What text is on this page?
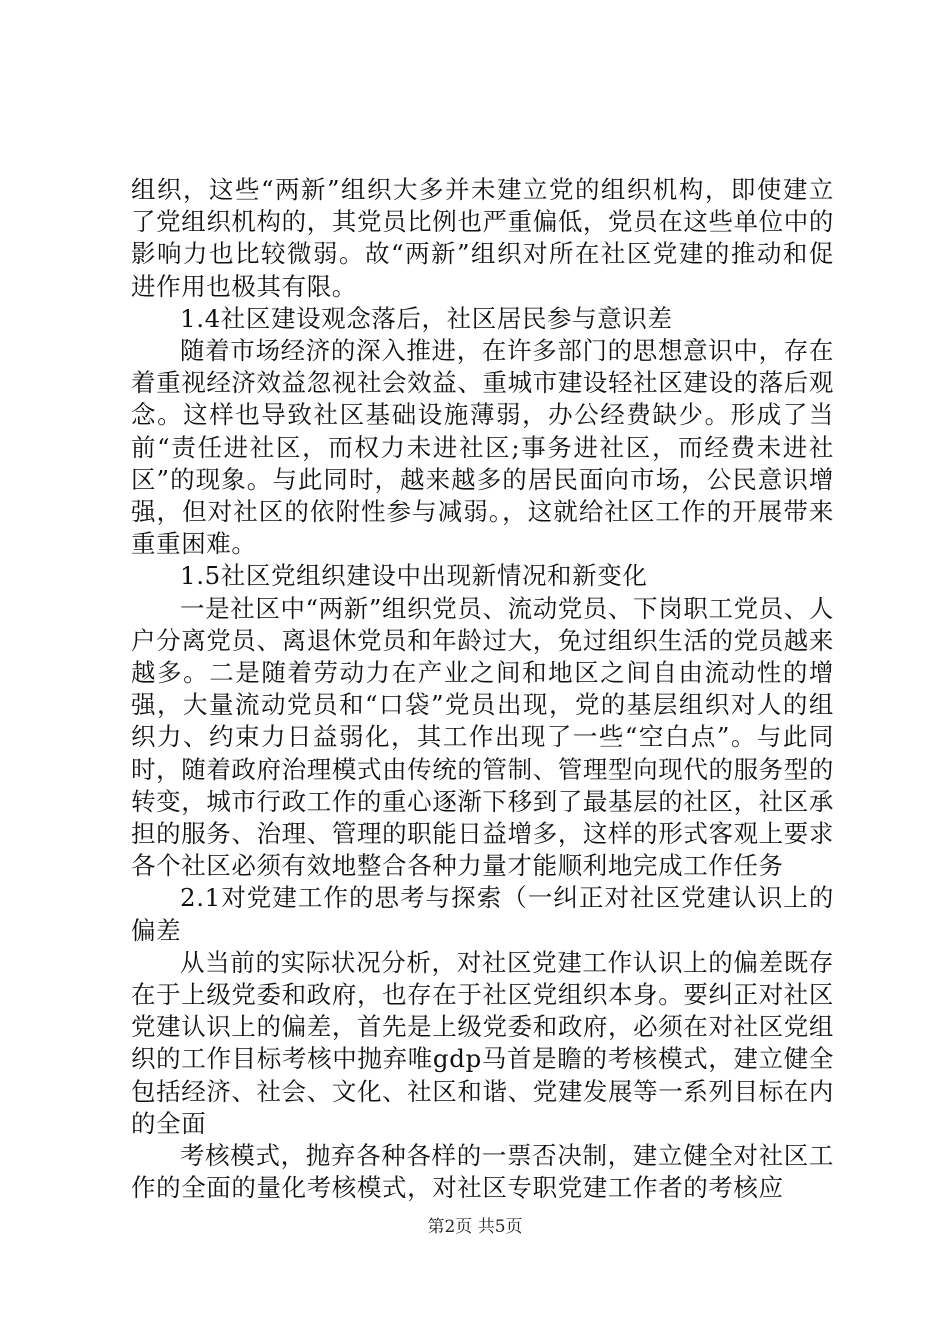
组织，这些“两新”组织大多并未建立党的组织机构，即使建立了党组织机构的，其党员比例也严重偏低，党员在这些单位中的影响力也比较微弱。故“两新”组织对所在社区党建的推动和促进作用也极其有限。

1.4社区建设观念落后，社区居民参与意识差

随着市场经济的深入推进，在许多部门的思想意识中，存在着重视经济效益忽视社会效益、重城市建设轻社区建设的落后观念。这样也导致社区基础设施薄弱，办公经费缺少。形成了当前“责任进社区，而权力未进社区;事务进社区，而经费未进社区”的现象。与此同时，越来越多的居民面向市场，公民意识增强，但对社区的依附性参与减弱。，这就给社区工作的开展带来重重困难。

1.5社区党组织建设中出现新情况和新变化

一是社区中“两新”组织党员、流动党员、下岗职工党员、人户分离党员、离退休党员和年龄过大，免过组织生活的党员越来越多。二是随着劳动力在产业之间和地区之间自由流动性的增强，大量流动党员和“口袋”党员出现，党的基层组织对人的组织力、约束力日益弱化，其工作出现了一些“空白点”。与此同时，随着政府治理模式由传统的管制、管理型向现代的服务型的转变，城市行政工作的重心逐渐下移到了最基层的社区，社区承担的服务、治理、管理的职能日益增多，这样的形式客观上要求各个社区必须有效地整合各种力量才能顺利地完成工作任务

2.1对党建工作的思考与探索（一纠正对社区党建认识上的偏差

从当前的实际状况分析，对社区党建工作认识上的偏差既存在于上级党委和政府，也存在于社区党组织本身。要纠正对社区党建认识上的偏差，首先是上级党委和政府，必须在对社区党组织的工作目标考核中抛弃唯gdp马首是瞻的考核模式，建立健全包括经济、社会、文化、社区和谐、党建发展等一系列目标在内的全面

考核模式，抛弃各种各样的一票否决制，建立健全对社区工作的全面的量化考核模式，对社区专职党建工作者的考核应

第2页 共5页
